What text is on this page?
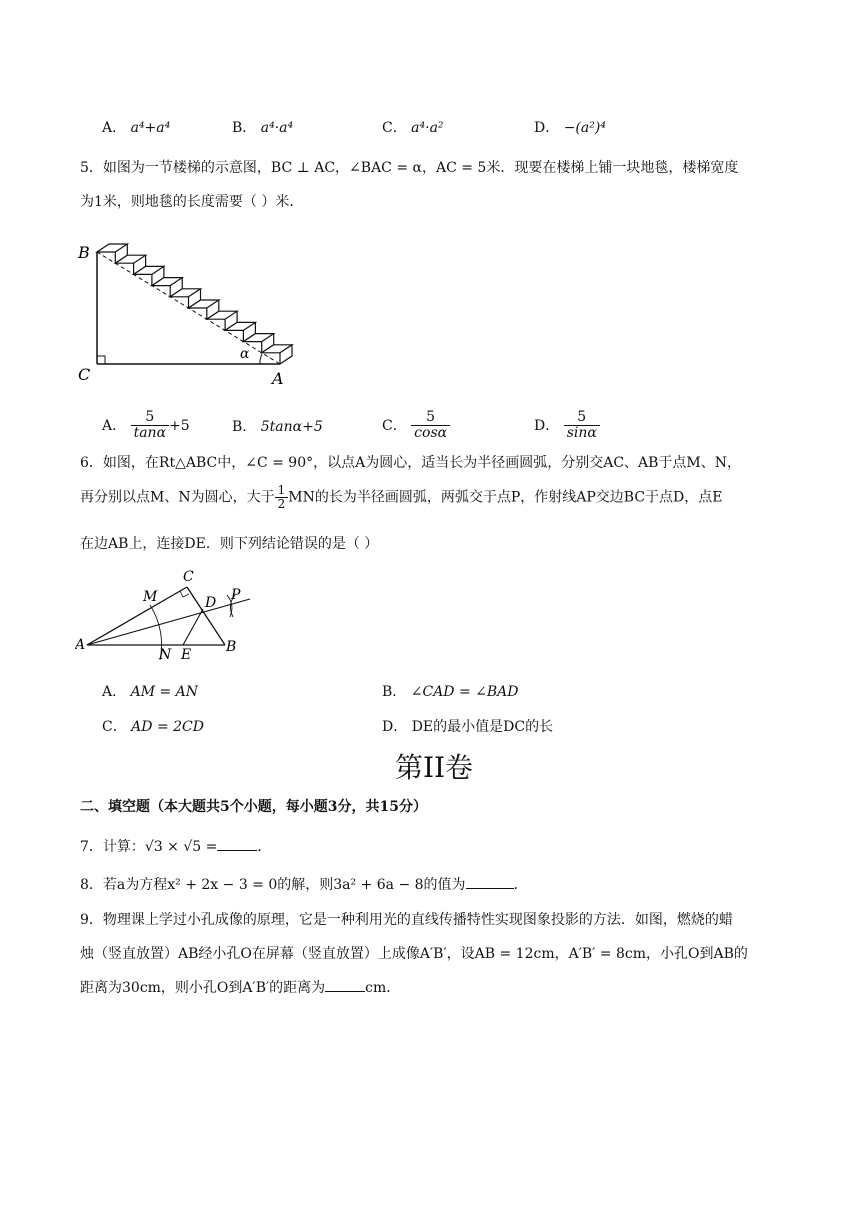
A． a⁴+a⁴	B． a⁴·a⁴	C． a⁴·a²	D． −(a²)⁴
5．如图为一节楼梯的示意图，BC ⊥ AC，∠BAC = α，AC = 5米．现要在楼梯上铺一块地毯，楼梯宽度
为1米，则地毯的长度需要（ ）米．
B
C	A
α
A． $\frac{5}{\tan\alpha} +5$	B． 5tanα+5	C． $\frac{5}{\cos\alpha}$	D． $\frac{5}{\sin\alpha}$
6．如图，在Rt△ABC中，∠C = 90°，以点A为圆心，适当长为半径画圆弧，分别交AC、AB于点M、N，
再分别以点M、N为圆心，大于 $\frac{1}{2}$ MN的长为半径画圆弧，两弧交于点P，作射线AP交边BC于点D，点E
在边AB上，连接DE．则下列结论错误的是（ ）
A	B
C
D
E
M
N
P
A． AM = AN	B． ∠CAD = ∠BAD
C． AD = 2CD	D． DE的最小值是DC的长
第II卷
二、填空题（本大题共5个小题，每小题3分，共15分）
7．计算：√3 × √5 =	．
8．若a为方程x² + 2x − 3 = 0的解，则3a² + 6a − 8的值为	．
9．物理课上学过小孔成像的原理，它是一种利用光的直线传播特性实现图象投影的方法．如图，燃烧的蜡
烛（竖直放置）AB经小孔O在屏幕（竖直放置）上成像A′B′，设AB = 12cm，A′B′ = 8cm，小孔O到AB的
距离为30cm，则小孔O到A′B′的距离为	cm．
